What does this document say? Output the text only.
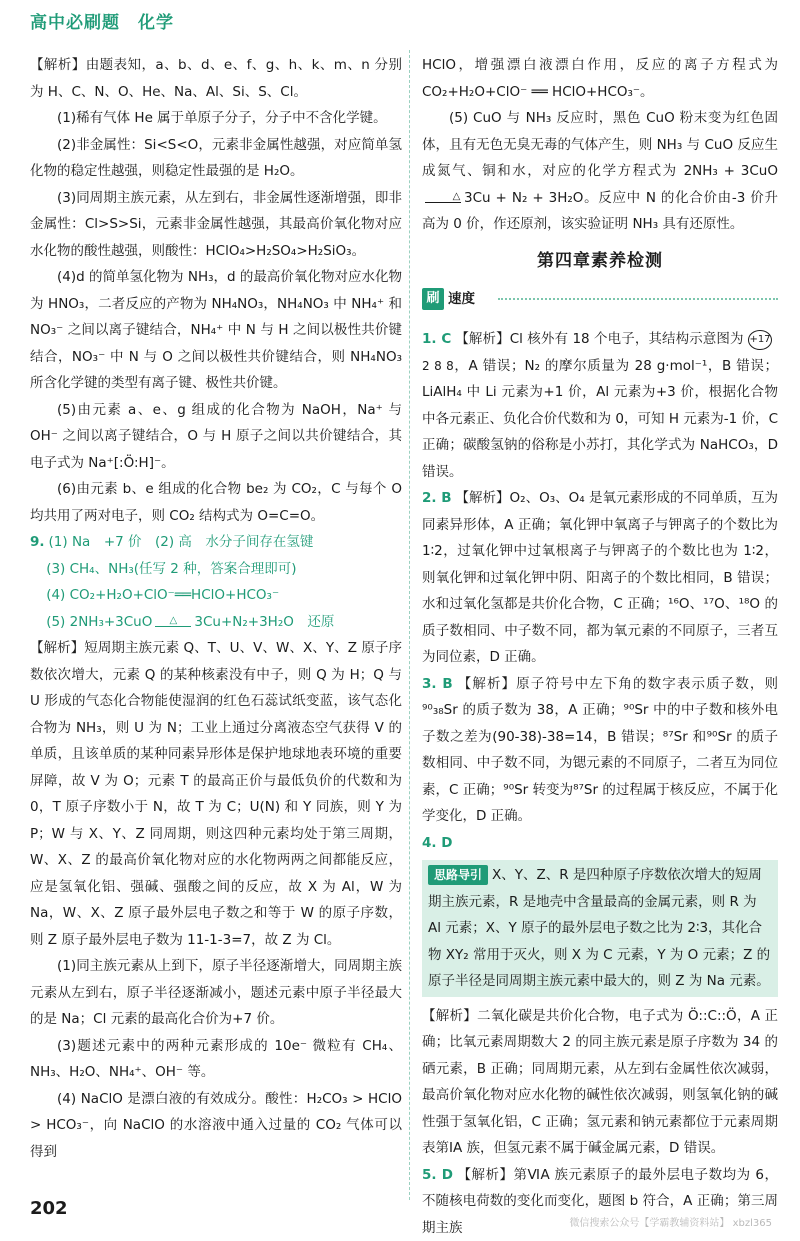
高中必刷题　化学

【解析】由题表知，a、b、d、e、f、g、h、k、m、n 分别为 H、C、N、O、He、Na、Al、Si、S、Cl。

(1)稀有气体 He 属于单原子分子，分子中不含化学键。

(2)非金属性：Si<S<O，元素非金属性越强，对应简单氢化物的稳定性越强，则稳定性最强的是 H₂O。

(3)同周期主族元素，从左到右，非金属性逐渐增强，即非金属性：Cl>S>Si，元素非金属性越强，其最高价氧化物对应水化物的酸性越强，则酸性：HClO₄>H₂SO₄>H₂SiO₃。

(4)d 的简单氢化物为 NH₃，d 的最高价氧化物对应水化物为 HNO₃，二者反应的产物为 NH₄NO₃，NH₄NO₃ 中 NH₄⁺ 和 NO₃⁻ 之间以离子键结合，NH₄⁺ 中 N 与 H 之间以极性共价键结合，NO₃⁻ 中 N 与 O 之间以极性共价键结合，则 NH₄NO₃ 所含化学键的类型有离子键、极性共价键。

(5)由元素 a、e、g 组成的化合物为 NaOH，Na⁺ 与 OH⁻ 之间以离子键结合，O 与 H 原子之间以共价键结合，其电子式为 Na⁺[:Ö:H]⁻。

(6)由元素 b、e 组成的化合物 be₂ 为 CO₂，C 与每个 O 均共用了两对电子，则 CO₂ 结构式为 O=C=O。

9. (1) Na　+7 价　(2) 高　水分子间存在氢键

(3) CH₄、NH₃(任写 2 种，答案合理即可)

(4) CO₂+H₂O+ClO⁻══HClO+HCO₃⁻

(5) 2NH₃+3CuO △ 3Cu+N₂+3H₂O　还原

【解析】短周期主族元素 Q、T、U、V、W、X、Y、Z 原子序数依次增大，元素 Q 的某种核素没有中子，则 Q 为 H；Q 与 U 形成的气态化合物能使湿润的红色石蕊试纸变蓝，该气态化合物为 NH₃，则 U 为 N；工业上通过分离液态空气获得 V 的单质，且该单质的某种同素异形体是保护地球地表环境的重要屏障，故 V 为 O；元素 T 的最高正价与最低负价的代数和为 0，T 原子序数小于 N，故 T 为 C；U(N) 和 Y 同族，则 Y 为 P；W 与 X、Y、Z 同周期，则这四种元素均处于第三周期，W、X、Z 的最高价氧化物对应的水化物两两之间都能反应，应是氢氧化铝、强碱、强酸之间的反应，故 X 为 Al，W 为 Na，W、X、Z 原子最外层电子数之和等于 W 的原子序数，则 Z 原子最外层电子数为 11-1-3=7，故 Z 为 Cl。

(1)同主族元素从上到下，原子半径逐渐增大，同周期主族元素从左到右，原子半径逐渐减小，题述元素中原子半径最大的是 Na；Cl 元素的最高化合价为+7 价。

(3)题述元素中的两种元素形成的 10e⁻ 微粒有 CH₄、NH₃、H₂O、NH₄⁺、OH⁻ 等。

(4) NaClO 是漂白液的有效成分。酸性：H₂CO₃ > HClO > HCO₃⁻，向 NaClO 的水溶液中通入过量的 CO₂ 气体可以得到

HClO，增强漂白液漂白作用，反应的离子方程式为 CO₂+H₂O+ClO⁻ ══ HClO+HCO₃⁻。

(5) CuO 与 NH₃ 反应时，黑色 CuO 粉末变为红色固体，且有无色无臭无毒的气体产生，则 NH₃ 与 CuO 反应生成氮气、铜和水，对应的化学方程式为 2NH₃ + 3CuO△ 3Cu + N₂ + 3H₂O。反应中 N 的化合价由-3 价升高为 0 价，作还原剂，该实验证明 NH₃ 具有还原性。

第四章素养检测
刷 速度

1. C 【解析】Cl 核外有 18 个电子，其结构示意图为 +17
2 8 8，A 错误；N₂ 的摩尔质量为 28 g·mol⁻¹，B 错误；LiAlH₄ 中 Li 元素为+1 价，Al 元素为+3 价，根据化合物中各元素正、负化合价代数和为 0，可知 H 元素为-1 价，C 正确；碳酸氢钠的俗称是小苏打，其化学式为 NaHCO₃，D 错误。

2. B 【解析】O₂、O₃、O₄ 是氧元素形成的不同单质，互为同素异形体，A 正确；氧化钾中氧离子与钾离子的个数比为 1∶2，过氧化钾中过氧根离子与钾离子的个数比也为 1∶2，则氧化钾和过氧化钾中阴、阳离子的个数比相同，B 错误；水和过氧化氢都是共价化合物，C 正确；¹⁶O、¹⁷O、¹⁸O 的质子数相同、中子数不同，都为氧元素的不同原子，三者互为同位素，D 正确。

3. B 【解析】原子符号中左下角的数字表示质子数，则⁹⁰₃₈Sr 的质子数为 38，A 正确；⁹⁰Sr 中的中子数和核外电子数之差为(90-38)-38=14，B 错误；⁸⁷Sr 和⁹⁰Sr 的质子数相同、中子数不同，为锶元素的不同原子，二者互为同位素，C 正确；⁹⁰Sr 转变为⁸⁷Sr 的过程属于核反应，不属于化学变化，D 正确。

4. D

思路导引 X、Y、Z、R 是四种原子序数依次增大的短周期主族元素，R 是地壳中含量最高的金属元素，则 R 为 Al 元素；X、Y 原子的最外层电子数之比为 2∶3，其化合物 XY₂ 常用于灭火，则 X 为 C 元素，Y 为 O 元素；Z 的原子半径是同周期主族元素中最大的，则 Z 为 Na 元素。

【解析】二氧化碳是共价化合物，电子式为 Ö::C::Ö，A 正确；比氧元素周期数大 2 的同主族元素是原子序数为 34 的硒元素，B 正确；同周期元素，从左到右金属性依次减弱，最高价氧化物对应水化物的碱性依次减弱，则氢氧化钠的碱性强于氢氧化铝，C 正确；氢元素和钠元素都位于元素周期表第ⅠA 族，但氢元素不属于碱金属元素，D 错误。

5. D 【解析】第ⅥA 族元素原子的最外层电子数均为 6，不随核电荷数的变化而变化，题图 b 符合，A 正确；第三周期主族

202
微信搜索公众号【学霸教辅资料站】 xbzl365
